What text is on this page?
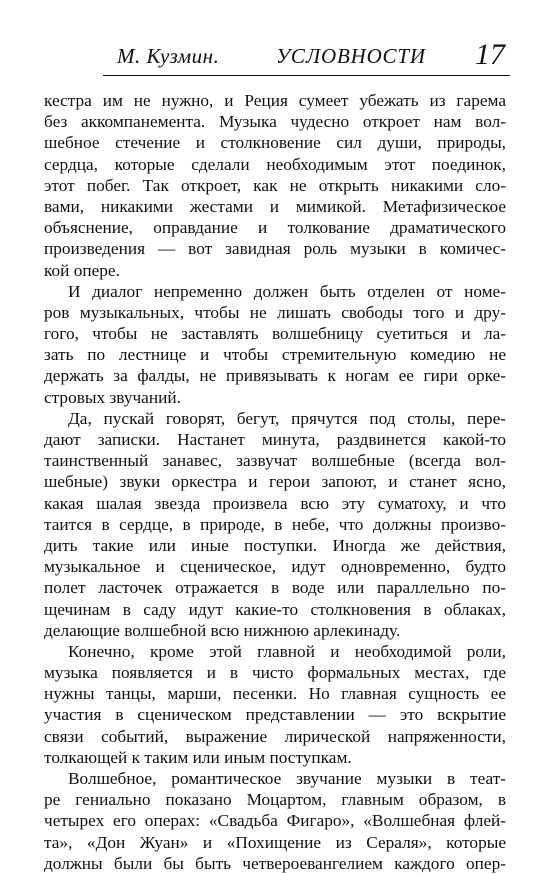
М. Кузмин.	УСЛОВНОСТИ 17
кестра им не нужно, и Реция сумеет убежать из гарема
без аккомпанемента. Музыка чудесно откроет нам вол-
шебное стечение и столкновение сил души, природы,
сердца, которые сделали необходимым этот поединок,
этот побег. Так откроет, как не открыть никакими сло-
вами, никакими жестами и мимикой. Метафизическое
объяснение, оправдание и толкование драматического
произведения — вот завидная роль музыки в комичес-
кой опере.
И диалог непременно должен быть отделен от номе-
ров музыкальных, чтобы не лишать свободы того и дру-
гого, чтобы не заставлять волшебницу суетиться и ла-
зать по лестнице и чтобы стремительную комедию не
держать за фалды, не привязывать к ногам ее гири орке-
стровых звучаний.
Да, пускай говорят, бегут, прячутся под столы, пере-
дают записки. Настанет минута, раздвинется какой-то
таинственный занавес, зазвучат волшебные (всегда вол-
шебные) звуки оркестра и герои запоют, и станет ясно,
какая шалая звезда произвела всю эту суматоху, и что
таится в сердце, в природе, в небе, что должны произво-
дить такие или иные поступки. Иногда же действия,
музыкальное и сценическое, идут одновременно, будто
полет ласточек отражается в воде или параллельно по-
щечинам в саду идут какие-то столкновения в облаках,
делающие волшебной всю нижнюю арлекинаду.
Конечно, кроме этой главной и необходимой роли,
музыка появляется и в чисто формальных местах, где
нужны танцы, марши, песенки. Но главная сущность ее
участия в сценическом представлении — это вскрытие
связи событий, выражение лирической напряженности,
толкающей к таким или иным поступкам.
Волшебное, романтическое звучание музыки в теат-
ре гениально показано Моцартом, главным образом, в
четырех его операх: «Свадьба Фигаро», «Волшебная флей-
та», «Дон Жуан» и «Похищение из Сераля», которые
должны были бы быть четвероевангелием каждого опер-
